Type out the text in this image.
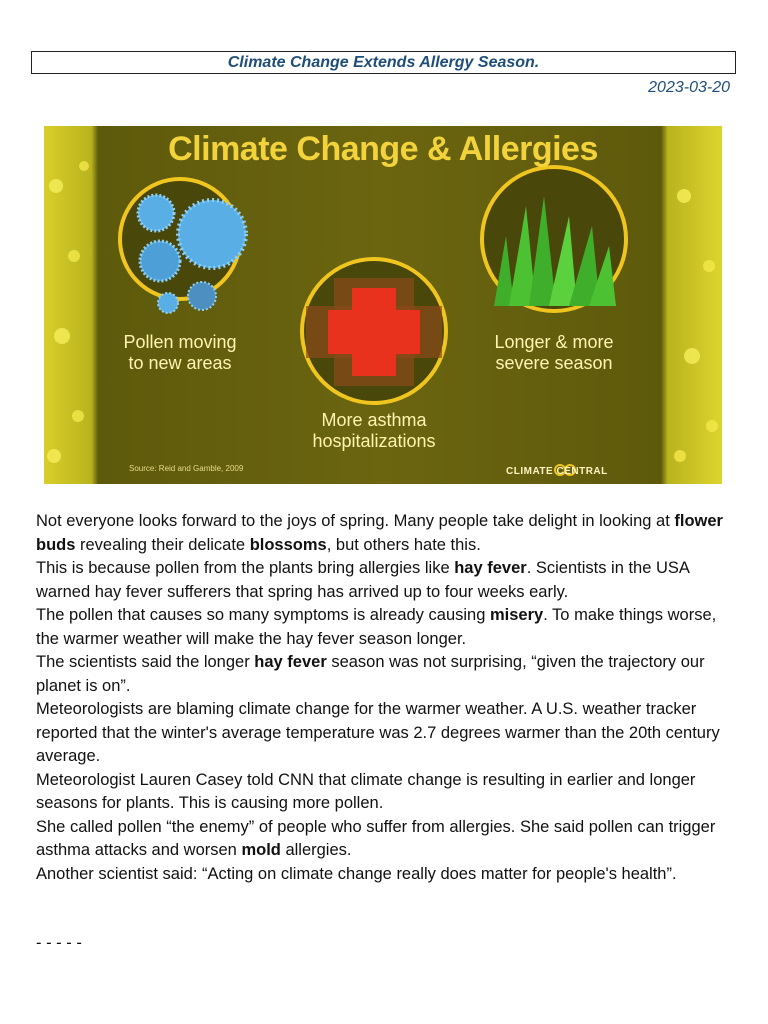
Climate Change Extends Allergy Season.
2023-03-20
Climate Change & Allergies
Pollen moving
to new areas
More asthma
hospitalizations
Longer & more
severe season
Source: Reid and Gamble, 2009	CLIMATE CENTRAL

Not everyone looks forward to the joys of spring. Many people take delight in looking at flower buds revealing their delicate blossoms, but others hate this.

This is because pollen from the plants bring allergies like hay fever. Scientists in the USA warned hay fever sufferers that spring has arrived up to four weeks early.

The pollen that causes so many symptoms is already causing misery. To make things worse, the warmer weather will make the hay fever season longer.

The scientists said the longer hay fever season was not surprising, “given the trajectory our planet is on”.

Meteorologists are blaming climate change for the warmer weather. A U.S. weather tracker reported that the winter's average temperature was 2.7 degrees warmer than the 20th century average.

Meteorologist Lauren Casey told CNN that climate change is resulting in earlier and longer seasons for plants. This is causing more pollen.

She called pollen “the enemy” of people who suffer from allergies. She said pollen can trigger asthma attacks and worsen mold allergies.

Another scientist said: “Acting on climate change really does matter for people's health”.

- - - - -
